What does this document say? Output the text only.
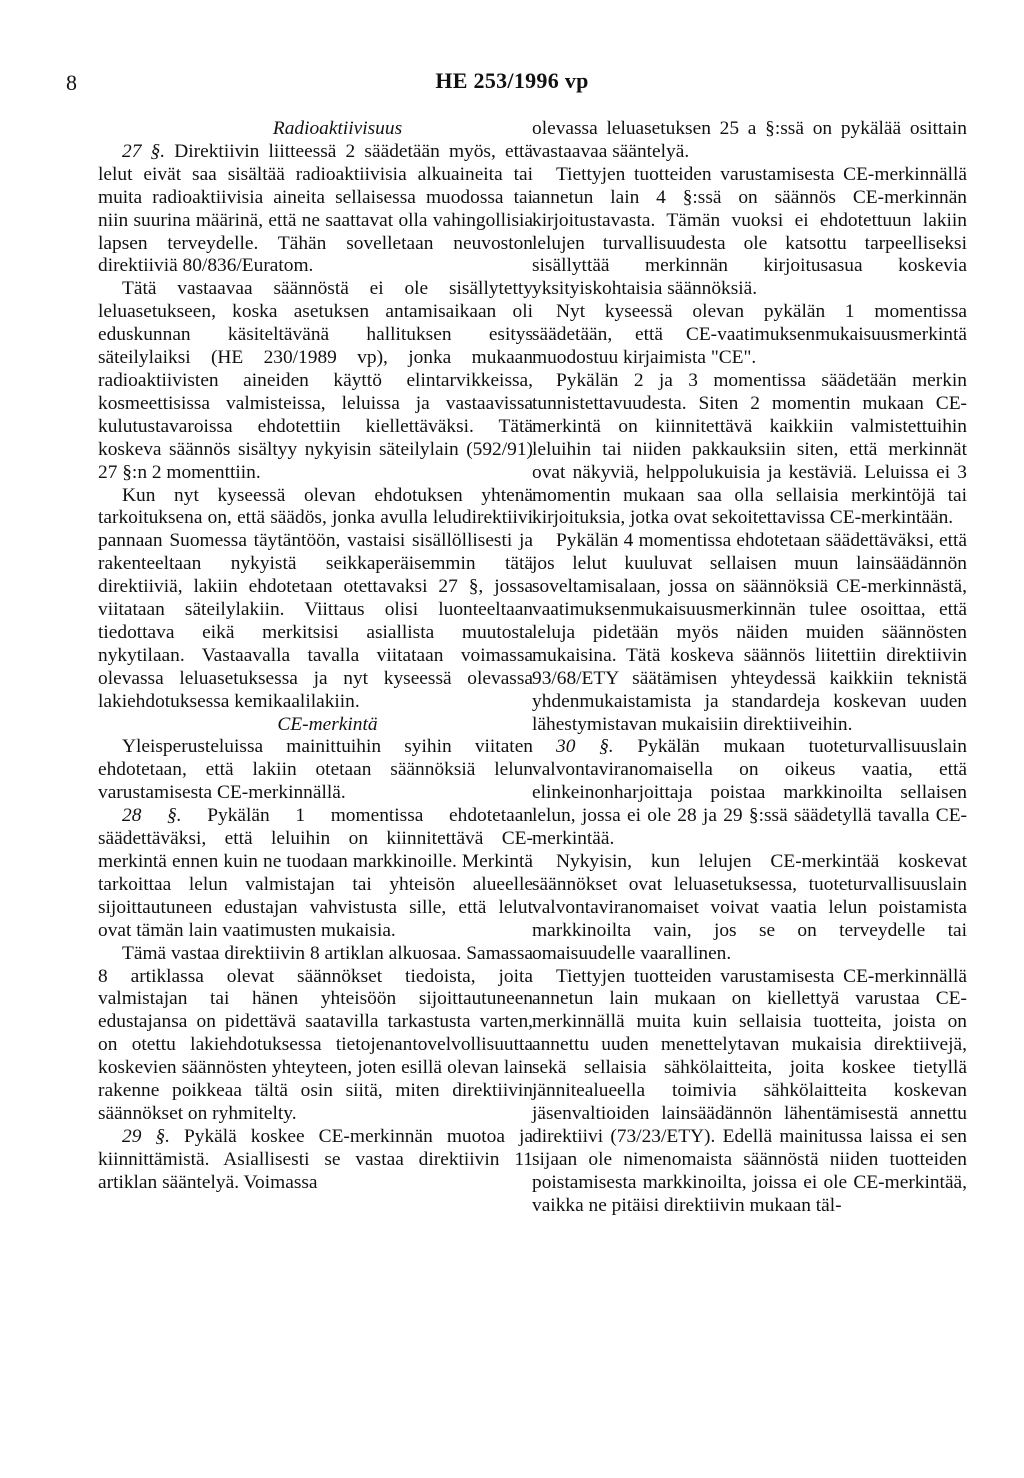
8	HE 253/1996 vp

Radioaktiivisuus

27 §. Direktiivin liitteessä 2 säädetään myös, että lelut eivät saa sisältää radioaktiivisia alkuaineita tai muita radioaktiivisia aineita sellaisessa muodossa tai niin suurina määrinä, että ne saattavat olla vahingollisia lapsen terveydelle. Tähän sovelletaan neuvoston direktiiviä 80/836/Euratom.

Tätä vastaavaa säännöstä ei ole sisällytetty leluasetukseen, koska asetuksen antamisaikaan oli eduskunnan käsiteltävänä hallituksen esitys säteilylaiksi (HE 230/1989 vp), jonka mukaan radioaktiivisten aineiden käyttö elintarvikkeissa, kosmeettisissa valmisteissa, leluissa ja vastaavissa kulutustavaroissa ehdotettiin kiellettäväksi. Tätä koskeva säännös sisältyy nykyisin säteilylain (592/91) 27 §:n 2 momenttiin.

Kun nyt kyseessä olevan ehdotuksen yhtenä tarkoituksena on, että säädös, jonka avulla leludirektiivi pannaan Suomessa täytäntöön, vastaisi sisällöllisesti ja rakenteeltaan nykyistä seikkaperäisemmin tätä direktiiviä, lakiin ehdotetaan otettavaksi 27 §, jossa viitataan säteilylakiin. Viittaus olisi luonteeltaan tiedottava eikä merkitsisi asiallista muutosta nykytilaan. Vastaavalla tavalla viitataan voimassa olevassa leluasetuksessa ja nyt kyseessä olevassa lakiehdotuksessa kemikaalilakiin.

CE-merkintä

Yleisperusteluissa mainittuihin syihin viitaten ehdotetaan, että lakiin otetaan säännöksiä lelun varustamisesta CE-merkinnällä.

28 §. Pykälän 1 momentissa ehdotetaan säädettäväksi, että leluihin on kiinnitettävä CE-merkintä ennen kuin ne tuodaan markkinoille. Merkintä tarkoittaa lelun valmistajan tai yhteisön alueelle sijoittautuneen edustajan vahvistusta sille, että lelut ovat tämän lain vaatimusten mukaisia.

Tämä vastaa direktiivin 8 artiklan alkuosaa. Samassa 8 artiklassa olevat säännökset tiedoista, joita valmistajan tai hänen yhteisöön sijoittautuneen edustajansa on pidettävä saatavilla tarkastusta varten, on otettu lakiehdotuksessa tietojenantovelvollisuutta koskevien säännösten yhteyteen, joten esillä olevan lain rakenne poikkeaa tältä osin siitä, miten direktiivin säännökset on ryhmitelty.

29 §. Pykälä koskee CE-merkinnän muotoa ja kiinnittämistä. Asiallisesti se vastaa direktiivin 11 artiklan sääntelyä. Voimassa

olevassa leluasetuksen 25 a §:ssä on pykälää osittain vastaavaa sääntelyä.

Tiettyjen tuotteiden varustamisesta CE-merkinnällä annetun lain 4 §:ssä on säännös CE-merkinnän kirjoitustavasta. Tämän vuoksi ei ehdotettuun lakiin lelujen turvallisuudesta ole katsottu tarpeelliseksi sisällyttää merkinnän kirjoitusasua koskevia yksityiskohtaisia säännöksiä.

Nyt kyseessä olevan pykälän 1 momentissa säädetään, että CE-vaatimuksenmukaisuusmerkintä muodostuu kirjaimista "CE".

Pykälän 2 ja 3 momentissa säädetään merkin tunnistettavuudesta. Siten 2 momentin mukaan CE-merkintä on kiinnitettävä kaikkiin valmistettuihin leluihin tai niiden pakkauksiin siten, että merkinnät ovat näkyviä, helppolukuisia ja kestäviä. Leluissa ei 3 momentin mukaan saa olla sellaisia merkintöjä tai kirjoituksia, jotka ovat sekoitettavissa CE-merkintään.

Pykälän 4 momentissa ehdotetaan säädettäväksi, että jos lelut kuuluvat sellaisen muun lainsäädännön soveltamisalaan, jossa on säännöksiä CE-merkinnästä, vaatimuksenmukaisuusmerkinnän tulee osoittaa, että leluja pidetään myös näiden muiden säännösten mukaisina. Tätä koskeva säännös liitettiin direktiivin 93/68/ETY säätämisen yhteydessä kaikkiin teknistä yhdenmukaistamista ja standardeja koskevan uuden lähestymistavan mukaisiin direktiiveihin.

30 §. Pykälän mukaan tuoteturvallisuuslain valvontaviranomaisella on oikeus vaatia, että elinkeinonharjoittaja poistaa markkinoilta sellaisen lelun, jossa ei ole 28 ja 29 §:ssä säädetyllä tavalla CE-merkintää.

Nykyisin, kun lelujen CE-merkintää koskevat säännökset ovat leluasetuksessa, tuoteturvallisuuslain valvontaviranomaiset voivat vaatia lelun poistamista markkinoilta vain, jos se on terveydelle tai omaisuudelle vaarallinen.

Tiettyjen tuotteiden varustamisesta CE-merkinnällä annetun lain mukaan on kiellettyä varustaa CE-merkinnällä muita kuin sellaisia tuotteita, joista on annettu uuden menettelytavan mukaisia direktiivejä, sekä sellaisia sähkölaitteita, joita koskee tietyllä jännitealueella toimivia sähkölaitteita koskevan jäsenvaltioiden lainsäädännön lähentämisestä annettu direktiivi (73/23/ETY). Edellä mainitussa laissa ei sen sijaan ole nimenomaista säännöstä niiden tuotteiden poistamisesta markkinoilta, joissa ei ole CE-merkintää, vaikka ne pitäisi direktiivin mukaan täl-
